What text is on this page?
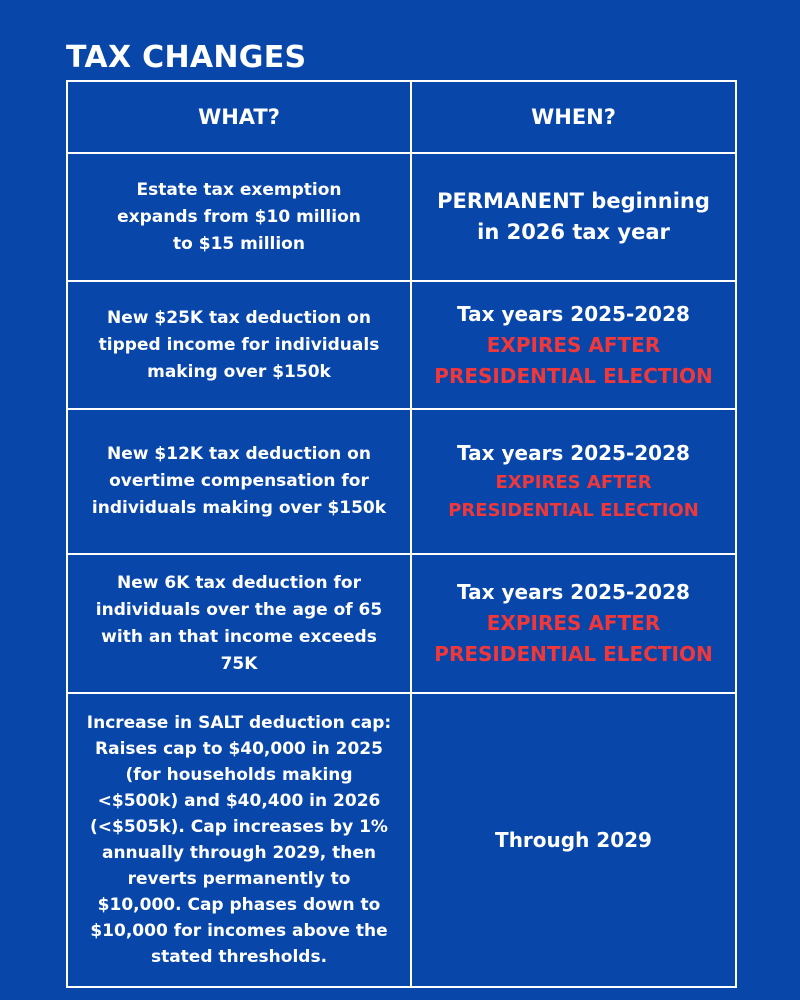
TAX CHANGES
WHAT?	WHEN?
Estate tax exemption expands from $10 million to $15 million	PERMANENT beginning in 2026 tax year
New $25K tax deduction on tipped income for individuals making over $150k	Tax years 2025-2028
EXPIRES AFTER
PRESIDENTIAL ELECTION

New $12K tax deduction on overtime compensation for individuals making over $150k	Tax years 2025-2028
EXPIRES AFTER
PRESIDENTIAL ELECTION

New 6K tax deduction for individuals over the age of 65 with an that income exceeds 75K	Tax years 2025-2028
EXPIRES AFTER
PRESIDENTIAL ELECTION

Increase in SALT deduction cap: Raises cap to $40,000 in 2025 (for households making <$500k) and $40,400 in 2026 (<$505k). Cap increases by 1% annually through 2029, then reverts permanently to $10,000. Cap phases down to $10,000 for incomes above the stated thresholds.	Through 2029
